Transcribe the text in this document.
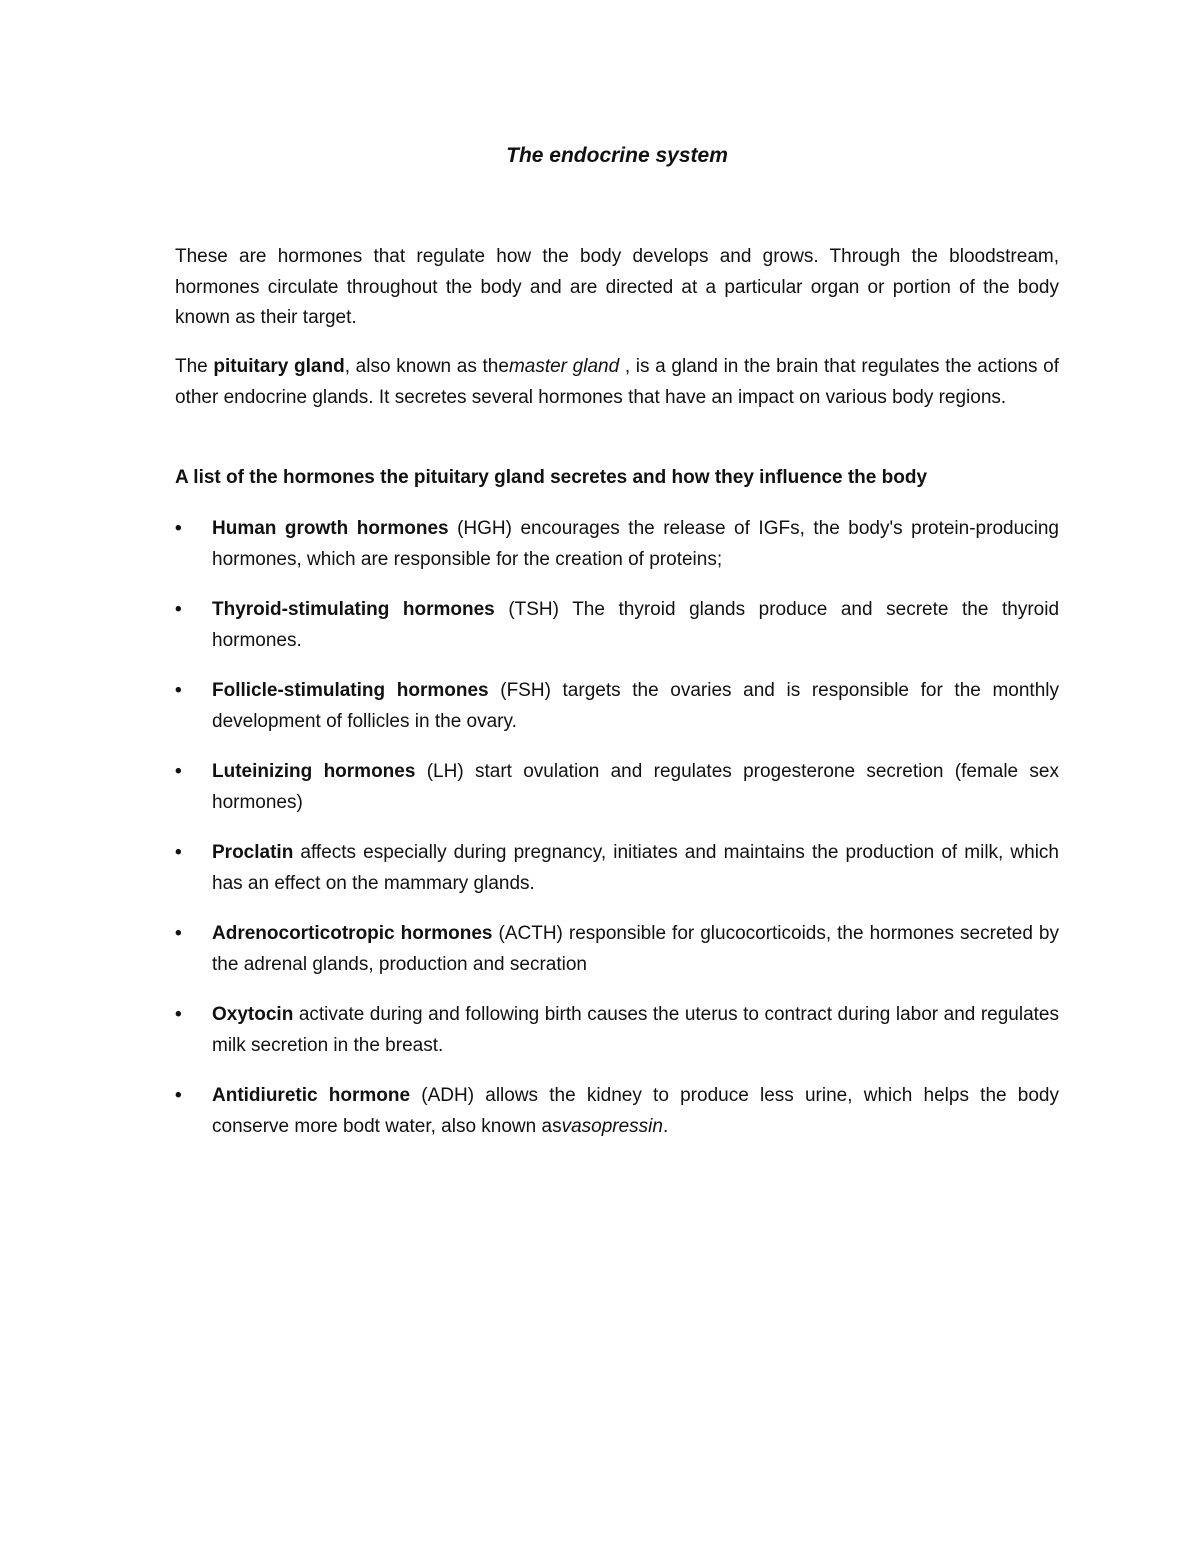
The endocrine system

These are hormones that regulate how the body develops and grows. Through the bloodstream, hormones circulate throughout the body and are directed at a particular organ or portion of the body known as their target.

The pituitary gland, also known as themaster gland , is a gland in the brain that regulates the actions of other endocrine glands. It secretes several hormones that have an impact on various body regions.

A list of the hormones the pituitary gland secretes and how they influence the body
• Human growth hormones (HGH) encourages the release of IGFs, the body's protein-producing hormones, which are responsible for the creation of proteins;
• Thyroid-stimulating hormones (TSH) The thyroid glands produce and secrete the thyroid hormones.
• Follicle-stimulating hormones (FSH) targets the ovaries and is responsible for the monthly development of follicles in the ovary.
• Luteinizing hormones (LH) start ovulation and regulates progesterone secretion (female sex hormones)
• Proclatin affects especially during pregnancy, initiates and maintains the production of milk, which has an effect on the mammary glands.
• Adrenocorticotropic hormones (ACTH) responsible for glucocorticoids, the hormones secreted by the adrenal glands, production and secration
• Oxytocin activate during and following birth causes the uterus to contract during labor and regulates milk secretion in the breast.
• Antidiuretic hormone (ADH) allows the kidney to produce less urine, which helps the body conserve more bodt water, also known asvasopressin.
